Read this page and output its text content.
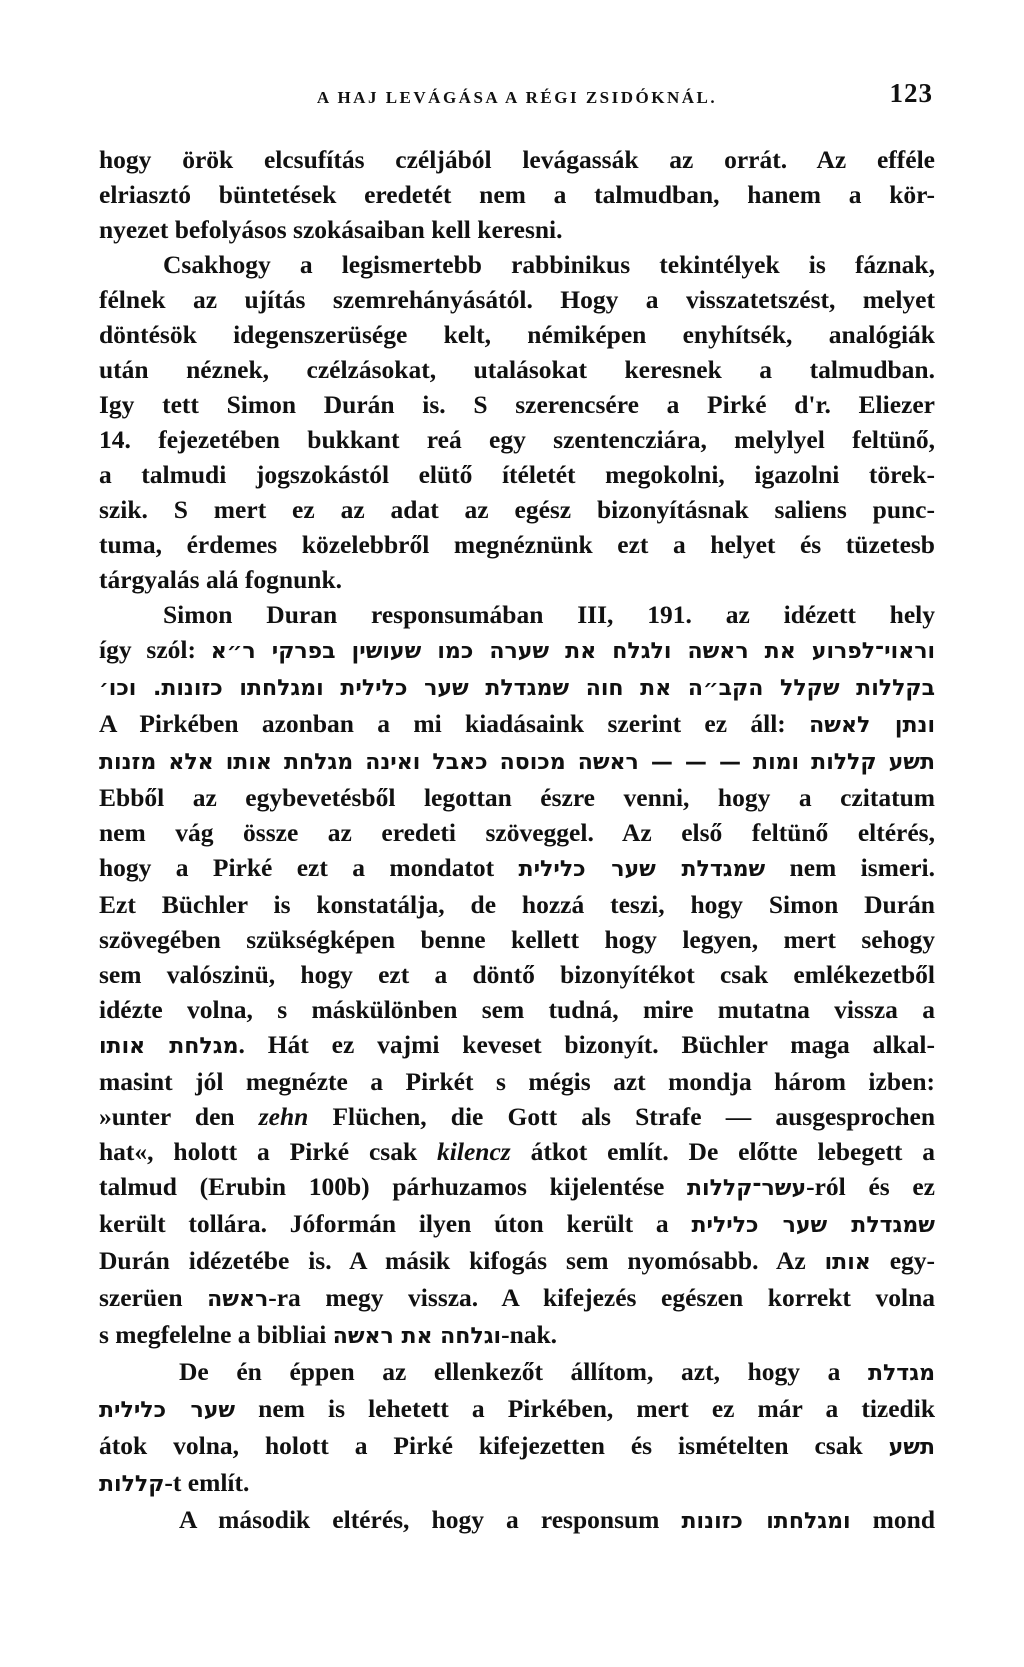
A HAJ LEVÁGÁSA A RÉGI ZSIDÓKNÁL.	123
hogy örök elcsufítás czéljából levágassák az orrát. Az efféle
elriasztó büntetések eredetét nem a talmudban, hanem a kör-
nyezet befolyásos szokásaiban kell keresni.
Csakhogy a legismertebb rabbinikus tekintélyek is fáznak,
félnek az ujítás szemrehányásától. Hogy a visszatetszést, melyet
döntésök idegenszerüsége kelt, némiképen enyhítsék, analógiák
után néznek, czélzásokat, utalásokat keresnek a talmudban.
Igy tett Simon Durán is. S szerencsére a Pirké d'r. Eliezer
14. fejezetében bukkant reá egy szentencziára, melylyel feltünő,
a talmudi jogszokástól elütő ítéletét megokolni, igazolni törek-
szik. S mert ez az adat az egész bizonyításnak saliens punc-
tuma, érdemes közelebbről megnéznünk ezt a helyet és tüzetesb
tárgyalás alá fognunk.
Simon Duran responsumában III, 191. az idézett hely
így szól: וראוי־לפרוע את ראשה ולגלח את שערה כמו שעושין בפרקי ר״א
בקללות שקלל הקב״ה את חוה שמגדלת שער כלילית ומגלחתו כזונות. וכו׳
A Pirkében azonban a mi kiadásaink szerint ez áll: ונתן לאשה
תשע קללות ומות — — — ראשה מכוסה כאבל ואינה מגלחת אותו אלא מזנות
Ebből az egybevetésből legottan észre venni, hogy a czitatum
nem vág össze az eredeti szöveggel. Az első feltünő eltérés,
hogy a Pirké ezt a mondatot שמגדלת שער כלילית nem ismeri.
Ezt Büchler is konstatálja, de hozzá teszi, hogy Simon Durán
szövegében szükségképen benne kellett hogy legyen, mert sehogy
sem valószinü, hogy ezt a döntő bizonyítékot csak emlékezetből
idézte volna, s máskülönben sem tudná, mire mutatna vissza a
מגלחת אותו. Hát ez vajmi keveset bizonyít. Büchler maga alkal-
masint jól megnézte a Pirkét s mégis azt mondja három izben:
»unter den zehn Flüchen, die Gott als Strafe — ausgesprochen
hat«, holott a Pirké csak kilencz átkot említ. De előtte lebegett a
talmud (Erubin 100b) párhuzamos kijelentése עשר־קללות-ról és ez
került tollára. Jóformán ilyen úton került a שמגדלת שער כלילית
Durán idézetébe is. A másik kifogás sem nyomósabb. Az אותו egy-
szerüen ראשה-ra megy vissza. A kifejezés egészen korrekt volna
s megfelelne a bibliai וגלחה את ראשה-nak.
De én éppen az ellenkezőt állítom, azt, hogy a מגדלת
שער כלילית nem is lehetett a Pirkében, mert ez már a tizedik
átok volna, holott a Pirké kifejezetten és ismételten csak תשע
קללות-t említ.
A második eltérés, hogy a responsum ומגלחתו כזונות mond
